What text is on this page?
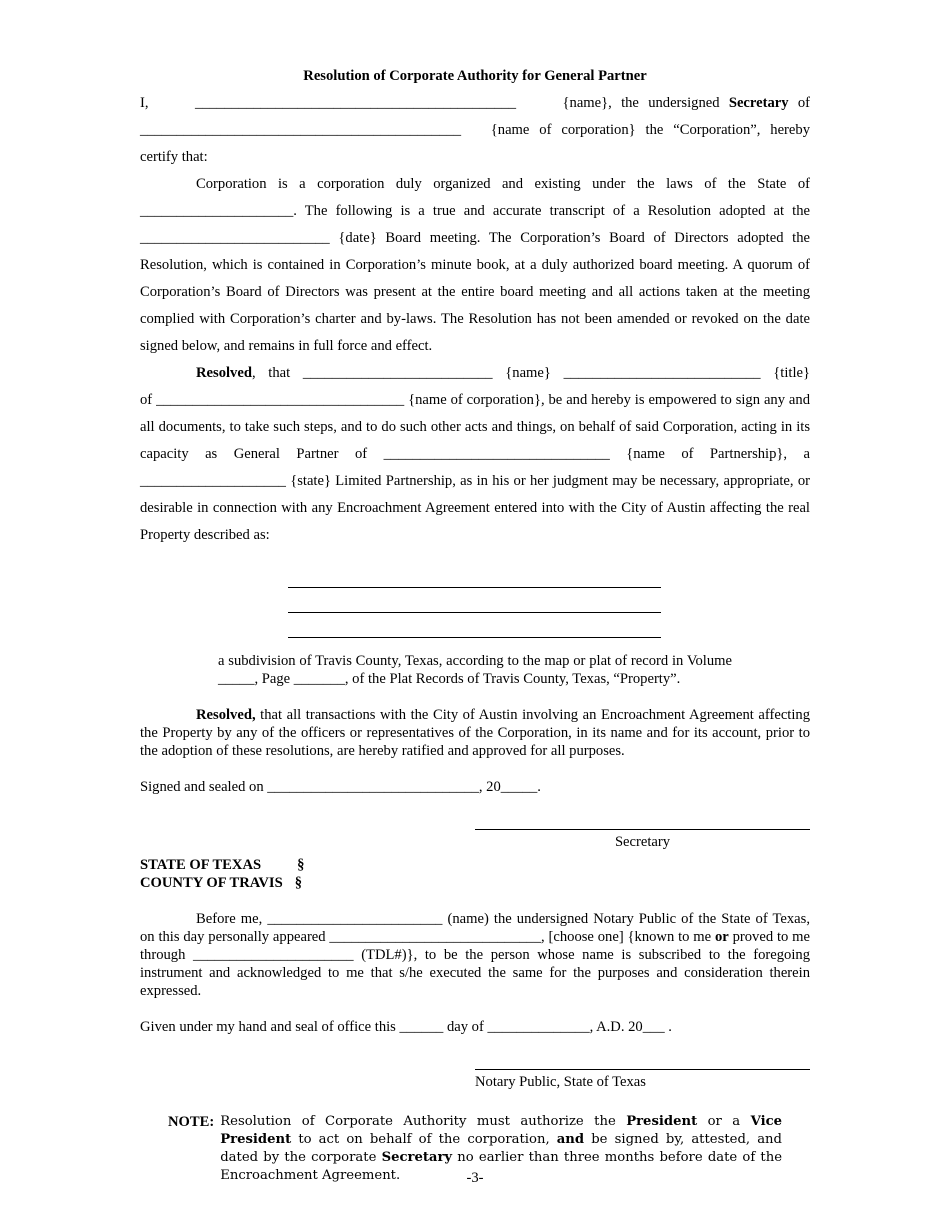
Resolution of Corporate Authority for General Partner

I,	____________________________________________	{name}, the undersigned Secretary of

____________________________________________ {name of corporation} the “Corporation”, hereby

certify that:

Corporation is a corporation duly organized and existing under the laws of the State of

_____________________. The following is a true and accurate transcript of a Resolution adopted at the

__________________________ {date} Board meeting. The Corporation’s Board of Directors adopted the

Resolution, which is contained in Corporation’s minute book, at a duly authorized board meeting. A quorum of Corporation’s Board of Directors was present at the entire board meeting and all actions taken at the meeting complied with Corporation’s charter and by-laws. The Resolution has not been amended or revoked on the date signed below, and remains in full force and effect.

Resolved, that __________________________ {name} ___________________________ {title}

of __________________________________ {name of corporation}, be and hereby is empowered to sign any and all documents, to take such steps, and to do such other acts and things, on behalf of said Corporation, acting in its capacity as General Partner of _______________________________ {name of Partnership}, a ____________________ {state} Limited Partnership, as in his or her judgment may be necessary, appropriate, or desirable in connection with any Encroachment Agreement entered into with the City of Austin affecting the real Property described as:

a subdivision of Travis County, Texas, according to the map or plat of record in Volume _____, Page _______, of the Plat Records of Travis County, Texas, “Property”.

Resolved, that all transactions with the City of Austin involving an Encroachment Agreement affecting the Property by any of the officers or representatives of the Corporation, in its name and for its account, prior to the adoption of these resolutions, are hereby ratified and approved for all purposes.

Signed and sealed on _____________________________, 20_____.

Secretary
STATE OF TEXAS §
COUNTY OF TRAVIS §

Before me, ________________________ (name) the undersigned Notary Public of the State of Texas, on this day personally appeared _____________________________, [choose one] {known to me or proved to me through ______________________ (TDL#)}, to be the person whose name is subscribed to the foregoing instrument and acknowledged to me that s/he executed the same for the purposes and consideration therein expressed.

Given under my hand and seal of office this ______ day of ______________, A.D. 20___ .

Notary Public, State of Texas
NOTE: Resolution of Corporate Authority must authorize the President or a Vice President to act on behalf of the corporation, and be signed by, attested, and dated by the corporate Secretary no earlier than three months before date of the Encroachment Agreement.	-3-
